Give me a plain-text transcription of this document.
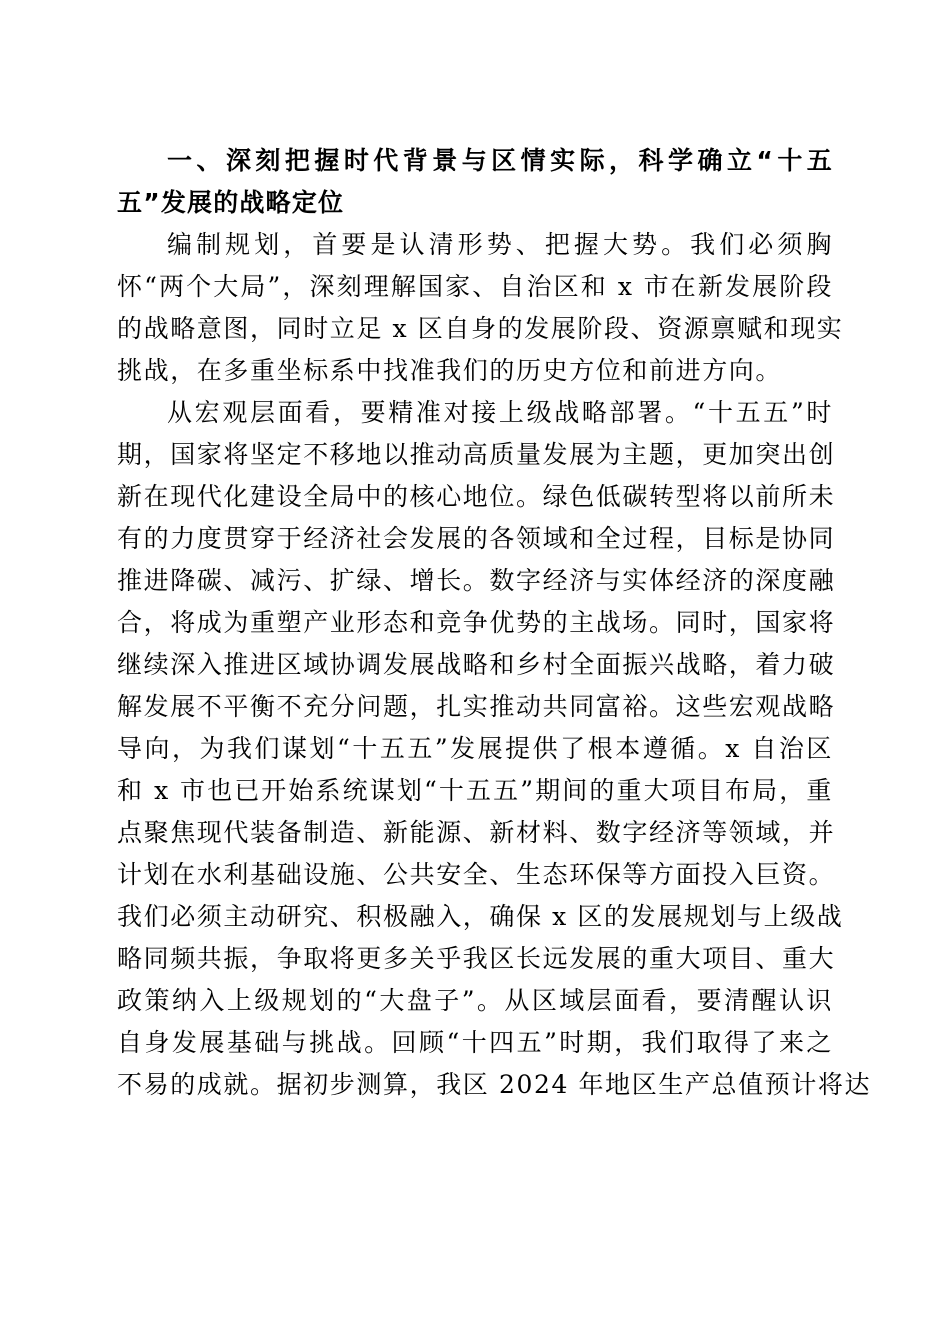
一、深刻把握时代背景与区情实际，科学确立“十五
五”发展的战略定位
编制规划，首要是认清形势、把握大势。我们必须胸
怀“两个大局”，深刻理解国家、自治区和 x 市在新发展阶段
的战略意图，同时立足 x 区自身的发展阶段、资源禀赋和现实
挑战，在多重坐标系中找准我们的历史方位和前进方向。
从宏观层面看，要精准对接上级战略部署。“十五五”时
期，国家将坚定不移地以推动高质量发展为主题，更加突出创
新在现代化建设全局中的核心地位。绿色低碳转型将以前所未
有的力度贯穿于经济社会发展的各领域和全过程，目标是协同
推进降碳、减污、扩绿、增长。数字经济与实体经济的深度融
合，将成为重塑产业形态和竞争优势的主战场。同时，国家将
继续深入推进区域协调发展战略和乡村全面振兴战略，着力破
解发展不平衡不充分问题，扎实推动共同富裕。这些宏观战略
导向，为我们谋划“十五五”发展提供了根本遵循。x 自治区
和 x 市也已开始系统谋划“十五五”期间的重大项目布局，重
点聚焦现代装备制造、新能源、新材料、数字经济等领域，并
计划在水利基础设施、公共安全、生态环保等方面投入巨资。
我们必须主动研究、积极融入，确保 x 区的发展规划与上级战
略同频共振，争取将更多关乎我区长远发展的重大项目、重大
政策纳入上级规划的“大盘子”。从区域层面看，要清醒认识
自身发展基础与挑战。回顾“十四五”时期，我们取得了来之
不易的成就。据初步测算，我区 2024 年地区生产总值预计将达
